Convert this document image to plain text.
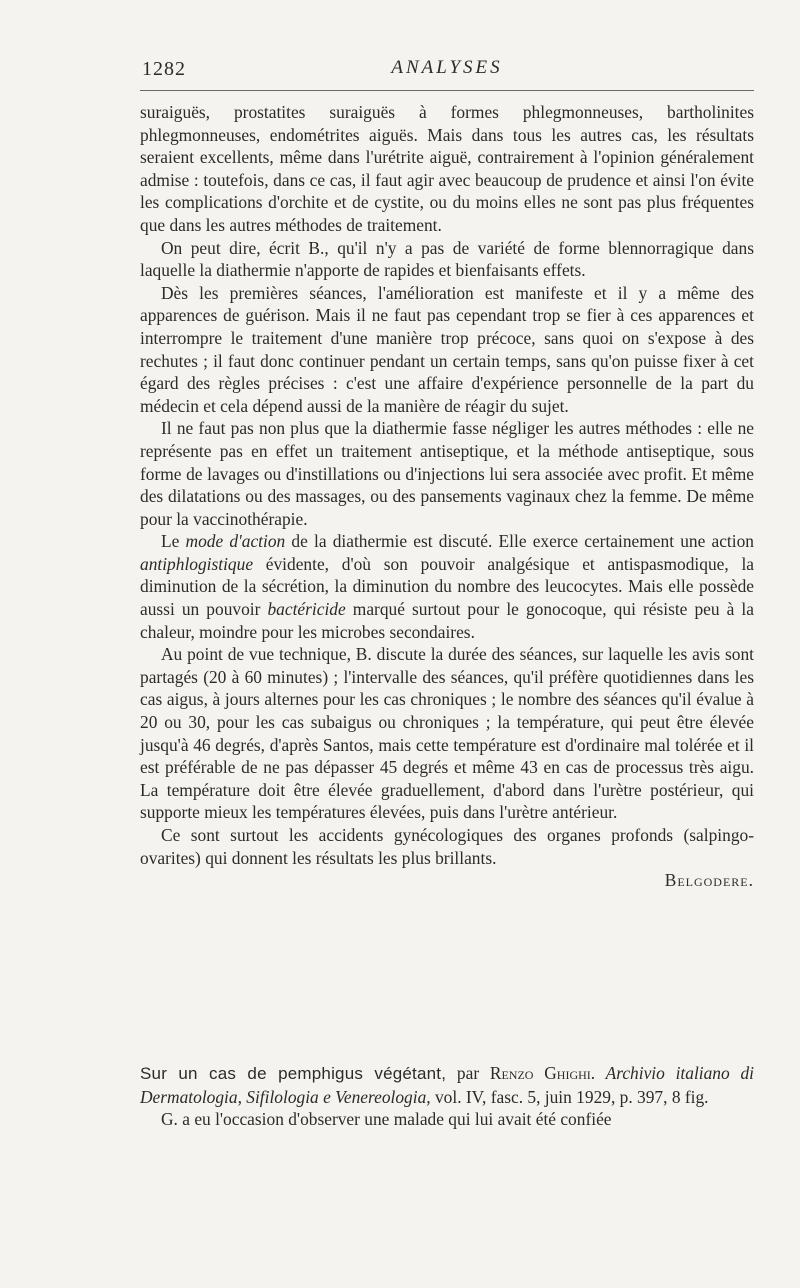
1282	ANALYSES

suraiguës, prostatites suraiguës à formes phlegmonneuses, bartholinites phlegmonneuses, endométrites aiguës. Mais dans tous les autres cas, les résultats seraient excellents, même dans l'urétrite aiguë, contrairement à l'opinion généralement admise : toutefois, dans ce cas, il faut agir avec beaucoup de prudence et ainsi l'on évite les complications d'orchite et de cystite, ou du moins elles ne sont pas plus fréquentes que dans les autres méthodes de traitement.

On peut dire, écrit B., qu'il n'y a pas de variété de forme blennorragique dans laquelle la diathermie n'apporte de rapides et bienfaisants effets.

Dès les premières séances, l'amélioration est manifeste et il y a même des apparences de guérison. Mais il ne faut pas cependant trop se fier à ces apparences et interrompre le traitement d'une manière trop précoce, sans quoi on s'expose à des rechutes ; il faut donc continuer pendant un certain temps, sans qu'on puisse fixer à cet égard des règles précises : c'est une affaire d'expérience personnelle de la part du médecin et cela dépend aussi de la manière de réagir du sujet.

Il ne faut pas non plus que la diathermie fasse négliger les autres méthodes : elle ne représente pas en effet un traitement antiseptique, et la méthode antiseptique, sous forme de lavages ou d'instillations ou d'injections lui sera associée avec profit. Et même des dilatations ou des massages, ou des pansements vaginaux chez la femme. De même pour la vaccinothérapie.

Le mode d'action de la diathermie est discuté. Elle exerce certainement une action antiphlogistique évidente, d'où son pouvoir analgésique et antispasmodique, la diminution de la sécrétion, la diminution du nombre des leucocytes. Mais elle possède aussi un pouvoir bactéricide marqué surtout pour le gonocoque, qui résiste peu à la chaleur, moindre pour les microbes secondaires.

Au point de vue technique, B. discute la durée des séances, sur laquelle les avis sont partagés (20 à 60 minutes) ; l'intervalle des séances, qu'il préfère quotidiennes dans les cas aigus, à jours alternes pour les cas chroniques ; le nombre des séances qu'il évalue à 20 ou 30, pour les cas subaigus ou chroniques ; la température, qui peut être élevée jusqu'à 46 degrés, d'après Santos, mais cette température est d'ordinaire mal tolérée et il est préférable de ne pas dépasser 45 degrés et même 43 en cas de processus très aigu. La température doit être élevée graduellement, d'abord dans l'urètre postérieur, qui supporte mieux les températures élevées, puis dans l'urètre antérieur.

Ce sont surtout les accidents gynécologiques des organes profonds (salpingo-ovarites) qui donnent les résultats les plus brillants.

Belgodere.

Sur un cas de pemphigus végétant, par Renzo Ghighi. Archivio italiano di Dermatologia, Sifilologia e Venereologia, vol. IV, fasc. 5, juin 1929, p. 397, 8 fig.

G. a eu l'occasion d'observer une malade qui lui avait été confiée
